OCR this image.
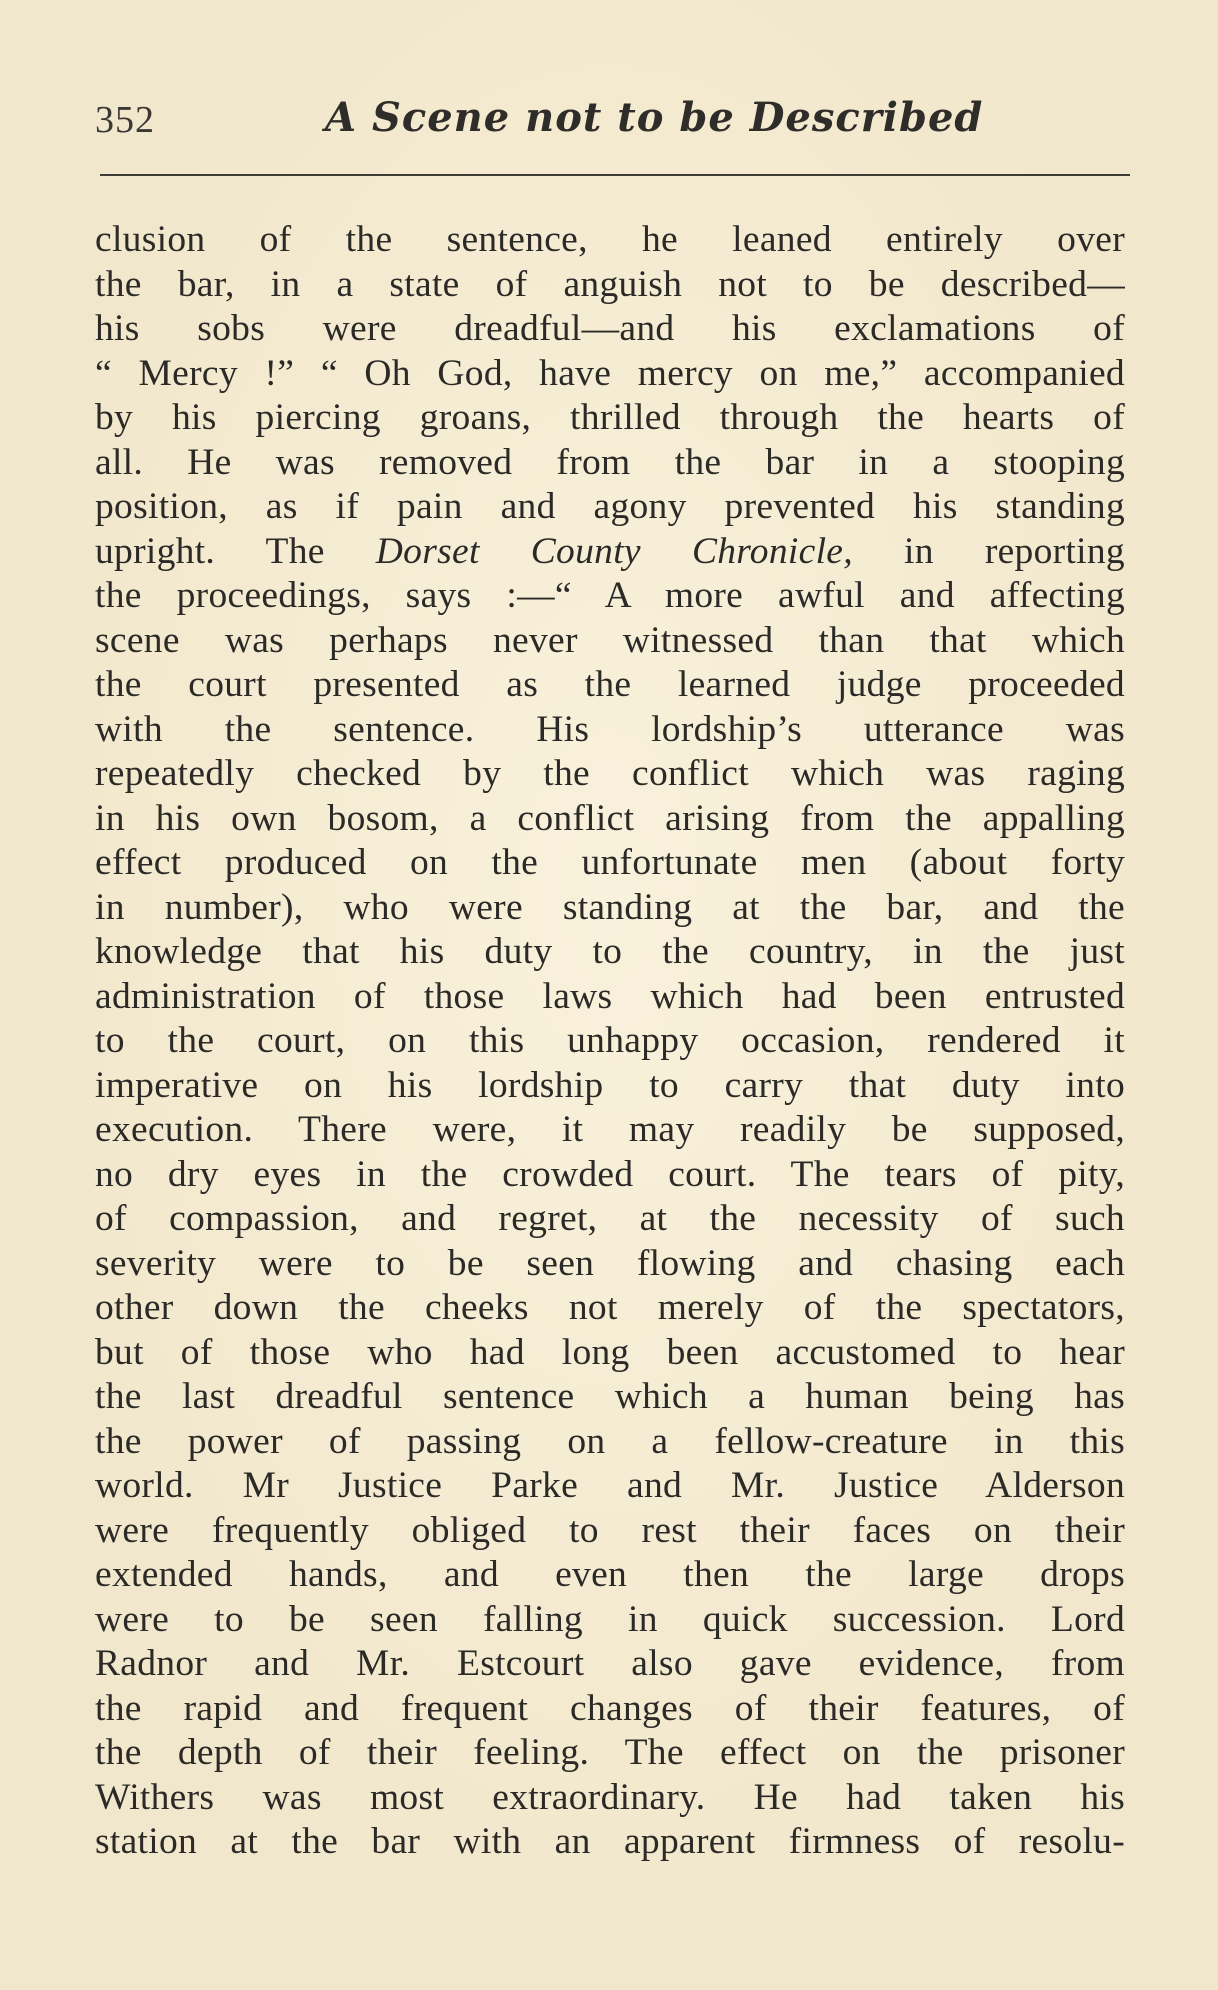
352	A Scene not to be Described
clusion of the sentence, he leaned entirely over
the bar, in a state of anguish not to be described—
his sobs were dreadful—and his exclamations of
“ Mercy !” “ Oh God, have mercy on me,” accompanied
by his piercing groans, thrilled through the hearts of
all. He was removed from the bar in a stooping
position, as if pain and agony prevented his standing
upright. The Dorset County Chronicle, in reporting
the proceedings, says :—“ A more awful and affecting
scene was perhaps never witnessed than that which
the court presented as the learned judge proceeded
with the sentence. His lordship’s utterance was
repeatedly checked by the conflict which was raging
in his own bosom, a conflict arising from the appalling
effect produced on the unfortunate men (about forty
in number), who were standing at the bar, and the
knowledge that his duty to the country, in the just
administration of those laws which had been entrusted
to the court, on this unhappy occasion, rendered it
imperative on his lordship to carry that duty into
execution. There were, it may readily be supposed,
no dry eyes in the crowded court. The tears of pity,
of compassion, and regret, at the necessity of such
severity were to be seen flowing and chasing each
other down the cheeks not merely of the spectators,
but of those who had long been accustomed to hear
the last dreadful sentence which a human being has
the power of passing on a fellow-creature in this
world. Mr Justice Parke and Mr. Justice Alderson
were frequently obliged to rest their faces on their
extended hands, and even then the large drops
were to be seen falling in quick succession. Lord
Radnor and Mr. Estcourt also gave evidence, from
the rapid and frequent changes of their features, of
the depth of their feeling. The effect on the prisoner
Withers was most extraordinary. He had taken his
station at the bar with an apparent firmness of resolu-
